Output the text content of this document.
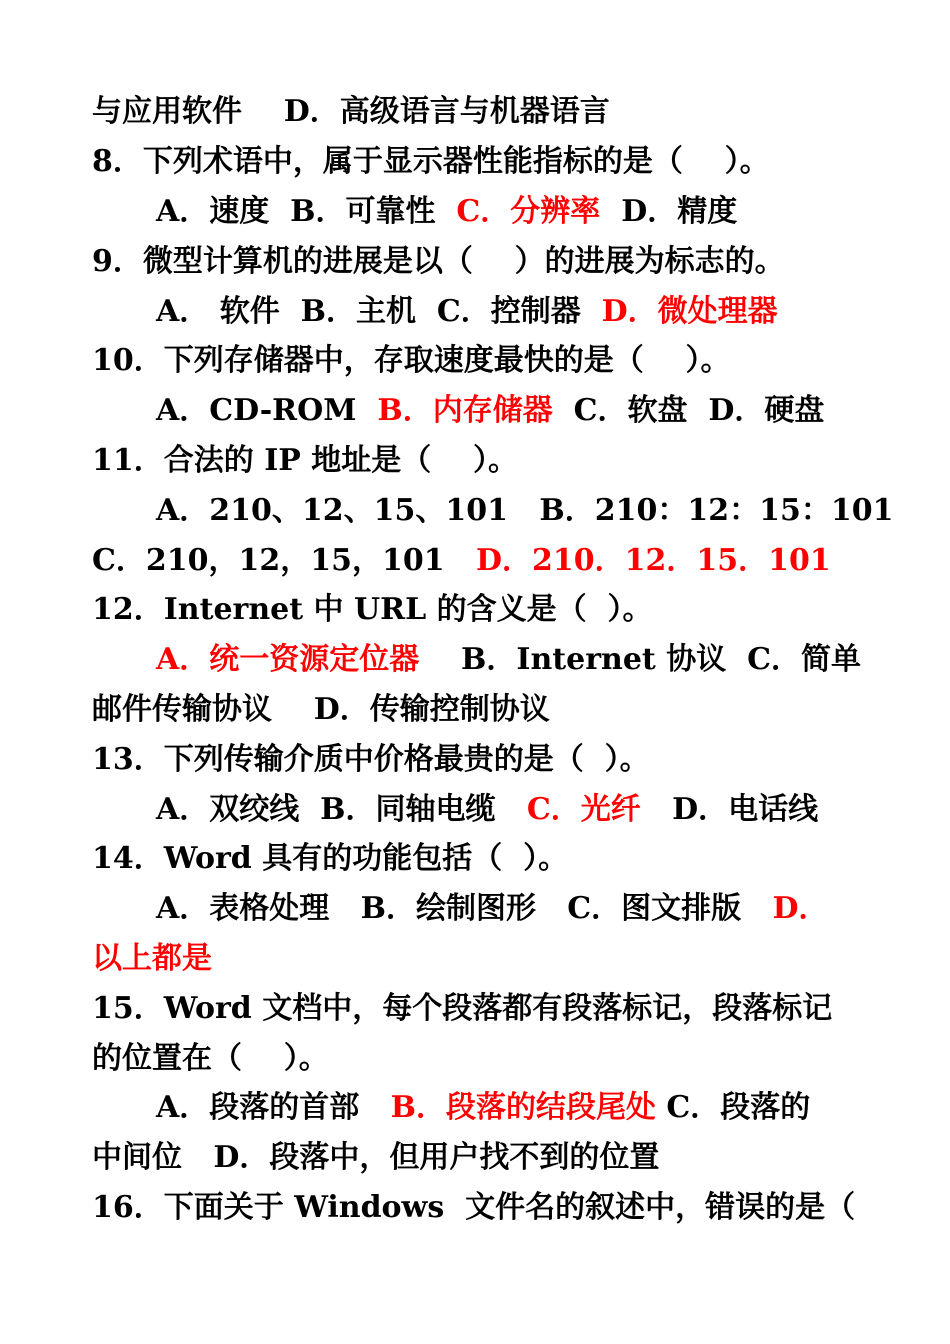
与应用软件    D．高级语言与机器语言

8．下列术语中，属于显示器性能指标的是（    ）。

A．速度  B．可靠性  C．分辨率  D．精度

9．微型计算机的进展是以（    ）的进展为标志的。

A． 软件  B．主机  C．控制器  D．微处理器

10．下列存储器中，存取速度最快的是（    ）。

A．CD-ROM  B．内存储器  C．软盘  D．硬盘

11．合法的 IP 地址是（    ）。

A．210、12、15、101   B．210：12：15：101

C．210，12，15，101   D．210．12．15．101

12．Internet 中 URL 的含义是（  ）。

A．统一资源定位器    B．Internet 协议  C．简单

邮件传输协议    D．传输控制协议

13．下列传输介质中价格最贵的是（  ）。

A．双绞线  B．同轴电缆   C．光纤   D．电话线

14．Word 具有的功能包括（  ）。

A．表格处理   B．绘制图形   C．图文排版   D．

以上都是

15．Word 文档中，每个段落都有段落标记，段落标记

的位置在（    ）。

A．段落的首部   B．段落的结段尾处 C．段落的

中间位   D．段落中，但用户找不到的位置

16．下面关于 Windows  文件名的叙述中，错误的是（
